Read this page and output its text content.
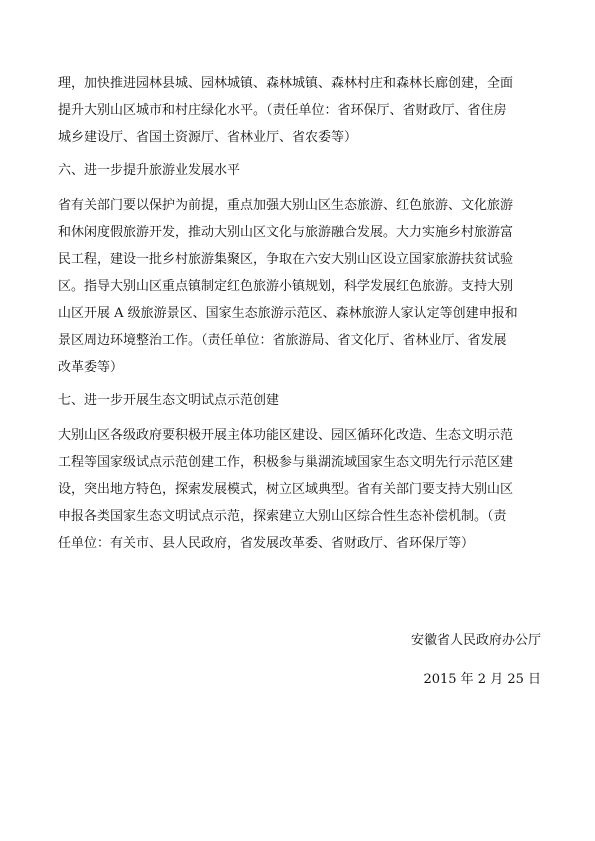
理，加快推进园林县城、园林城镇、森林城镇、森林村庄和森林长廊创建，全面
提升大别山区城市和村庄绿化水平。（责任单位：省环保厅、省财政厅、省住房
城乡建设厅、省国土资源厅、省林业厅、省农委等）
六、进一步提升旅游业发展水平
省有关部门要以保护为前提，重点加强大别山区生态旅游、红色旅游、文化旅游
和休闲度假旅游开发，推动大别山区文化与旅游融合发展。大力实施乡村旅游富
民工程，建设一批乡村旅游集聚区，争取在六安大别山区设立国家旅游扶贫试验
区。指导大别山区重点镇制定红色旅游小镇规划，科学发展红色旅游。支持大别
山区开展 A 级旅游景区、国家生态旅游示范区、森林旅游人家认定等创建申报和
景区周边环境整治工作。（责任单位：省旅游局、省文化厅、省林业厅、省发展
改革委等）
七、进一步开展生态文明试点示范创建
大别山区各级政府要积极开展主体功能区建设、园区循环化改造、生态文明示范
工程等国家级试点示范创建工作，积极参与巢湖流域国家生态文明先行示范区建
设，突出地方特色，探索发展模式，树立区域典型。省有关部门要支持大别山区
申报各类国家生态文明试点示范，探索建立大别山区综合性生态补偿机制。（责
任单位：有关市、县人民政府，省发展改革委、省财政厅、省环保厅等）
安徽省人民政府办公厅
2015 年 2 月 25 日
